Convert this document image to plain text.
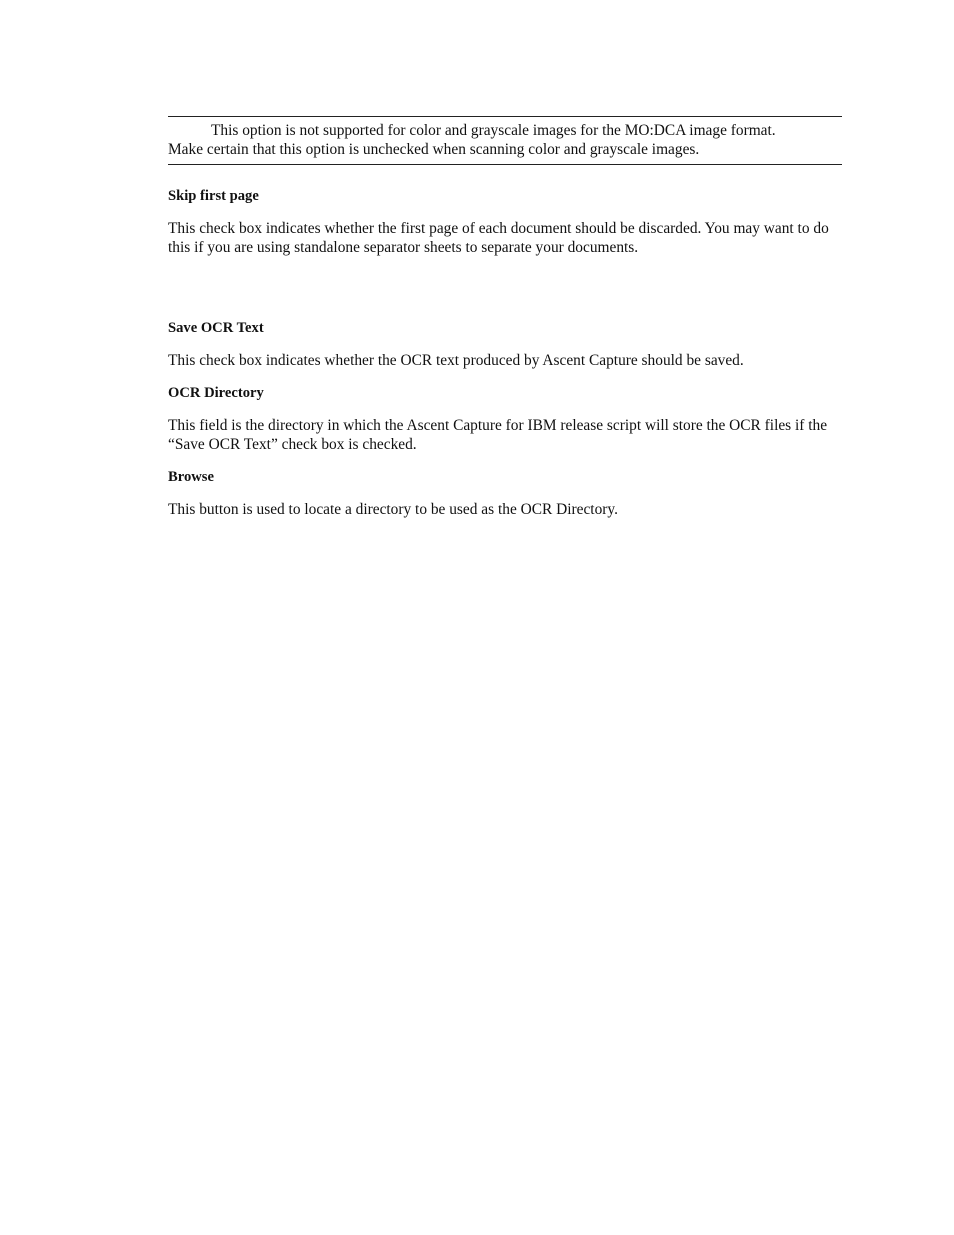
This option is not supported for color and grayscale images for the MO:DCA image format.
Make certain that this option is unchecked when scanning color and grayscale images.

Skip first page

This check box indicates whether the first page of each document should be discarded. You may want to do this if you are using standalone separator sheets to separate your documents.

Save OCR Text

This check box indicates whether the OCR text produced by Ascent Capture should be saved.

OCR Directory

This field is the directory in which the Ascent Capture for IBM release script will store the OCR files if the “Save OCR Text” check box is checked.

Browse

This button is used to locate a directory to be used as the OCR Directory.
